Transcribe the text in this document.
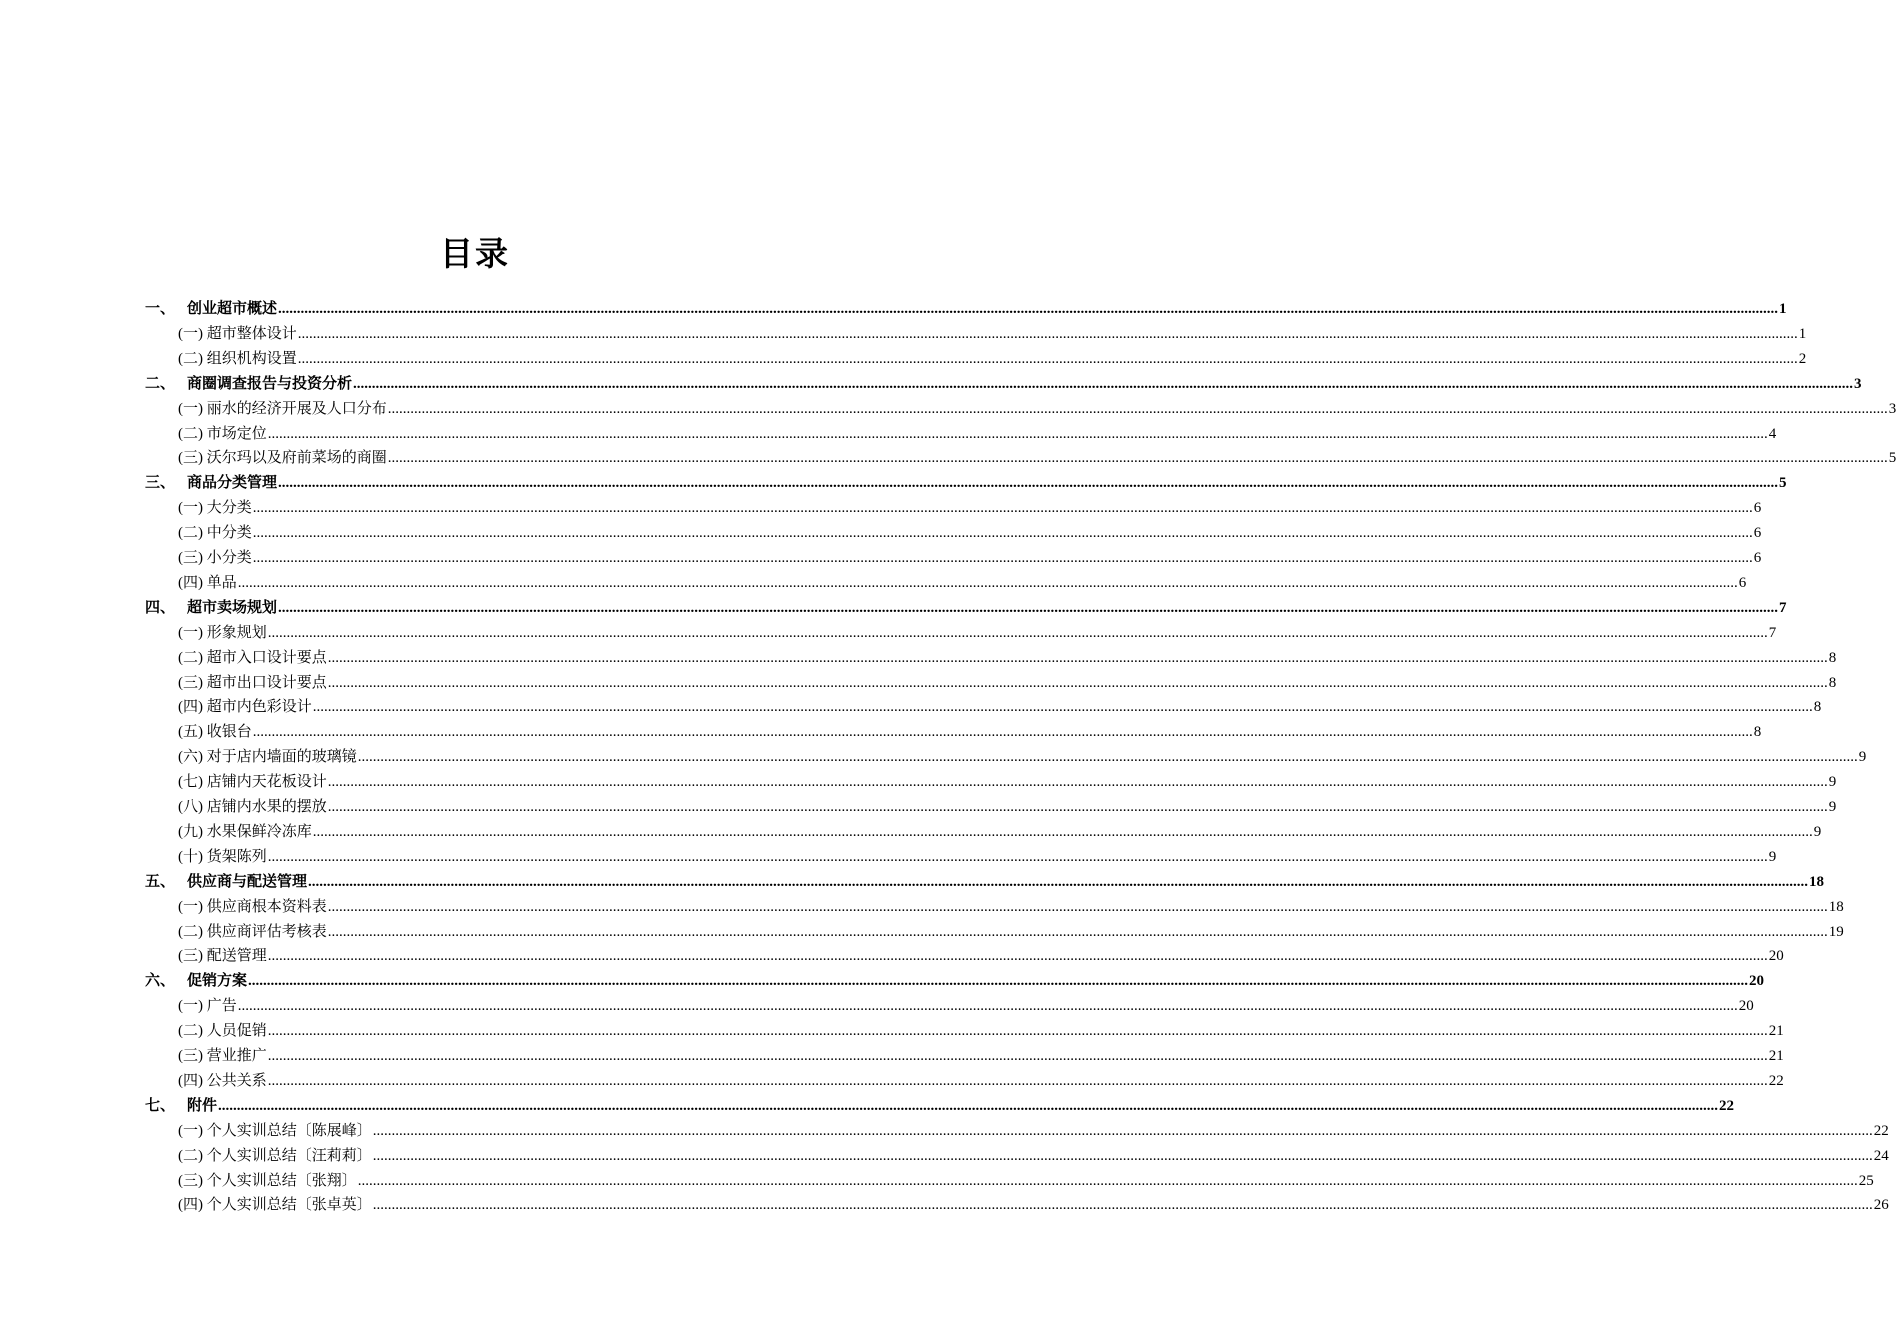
目录
一、 创业超市概述 ................................................................................................................................................................................................................................................................................................................................................................................................................ 1
(一) 超市整体设计 ................................................................................................................................................................................................................................................................................................................................................................................................................ 1
(二) 组织机构设置 ................................................................................................................................................................................................................................................................................................................................................................................................................ 2
二、 商圈调查报告与投资分析 ................................................................................................................................................................................................................................................................................................................................................................................................................ 3
(一) 丽水的经济开展及人口分布 ................................................................................................................................................................................................................................................................................................................................................................................................................ 3
(二) 市场定位 ................................................................................................................................................................................................................................................................................................................................................................................................................ 4
(三) 沃尔玛以及府前菜场的商圈 ................................................................................................................................................................................................................................................................................................................................................................................................................ 5
三、 商品分类管理 ................................................................................................................................................................................................................................................................................................................................................................................................................ 5
(一) 大分类 ................................................................................................................................................................................................................................................................................................................................................................................................................ 6
(二) 中分类 ................................................................................................................................................................................................................................................................................................................................................................................................................ 6
(三) 小分类 ................................................................................................................................................................................................................................................................................................................................................................................................................ 6
(四) 单品 ................................................................................................................................................................................................................................................................................................................................................................................................................ 6
四、 超市卖场规划 ................................................................................................................................................................................................................................................................................................................................................................................................................ 7
(一) 形象规划 ................................................................................................................................................................................................................................................................................................................................................................................................................ 7
(二) 超市入口设计要点 ................................................................................................................................................................................................................................................................................................................................................................................................................ 8
(三) 超市出口设计要点 ................................................................................................................................................................................................................................................................................................................................................................................................................ 8
(四) 超市内色彩设计 ................................................................................................................................................................................................................................................................................................................................................................................................................ 8
(五) 收银台 ................................................................................................................................................................................................................................................................................................................................................................................................................ 8
(六) 对于店内墙面的玻璃镜 ................................................................................................................................................................................................................................................................................................................................................................................................................ 9
(七) 店铺内天花板设计 ................................................................................................................................................................................................................................................................................................................................................................................................................ 9
(八) 店铺内水果的摆放 ................................................................................................................................................................................................................................................................................................................................................................................................................ 9
(九) 水果保鲜冷冻库 ................................................................................................................................................................................................................................................................................................................................................................................................................ 9
(十) 货架陈列 ................................................................................................................................................................................................................................................................................................................................................................................................................ 9
五、 供应商与配送管理 ................................................................................................................................................................................................................................................................................................................................................................................................................ 18
(一) 供应商根本资料表 ................................................................................................................................................................................................................................................................................................................................................................................................................ 18
(二) 供应商评估考核表 ................................................................................................................................................................................................................................................................................................................................................................................................................ 19
(三) 配送管理 ................................................................................................................................................................................................................................................................................................................................................................................................................ 20
六、 促销方案 ................................................................................................................................................................................................................................................................................................................................................................................................................ 20
(一) 广告 ................................................................................................................................................................................................................................................................................................................................................................................................................ 20
(二) 人员促销 ................................................................................................................................................................................................................................................................................................................................................................................................................ 21
(三) 营业推广 ................................................................................................................................................................................................................................................................................................................................................................................................................ 21
(四) 公共关系 ................................................................................................................................................................................................................................................................................................................................................................................................................ 22
七、 附件 ................................................................................................................................................................................................................................................................................................................................................................................................................ 22
(一) 个人实训总结〔陈展峰〕 ................................................................................................................................................................................................................................................................................................................................................................................................................ 22
(二) 个人实训总结〔汪莉莉〕 ................................................................................................................................................................................................................................................................................................................................................................................................................ 24
(三) 个人实训总结〔张翔〕 ................................................................................................................................................................................................................................................................................................................................................................................................................ 25
(四) 个人实训总结〔张卓英〕 ................................................................................................................................................................................................................................................................................................................................................................................................................ 26
